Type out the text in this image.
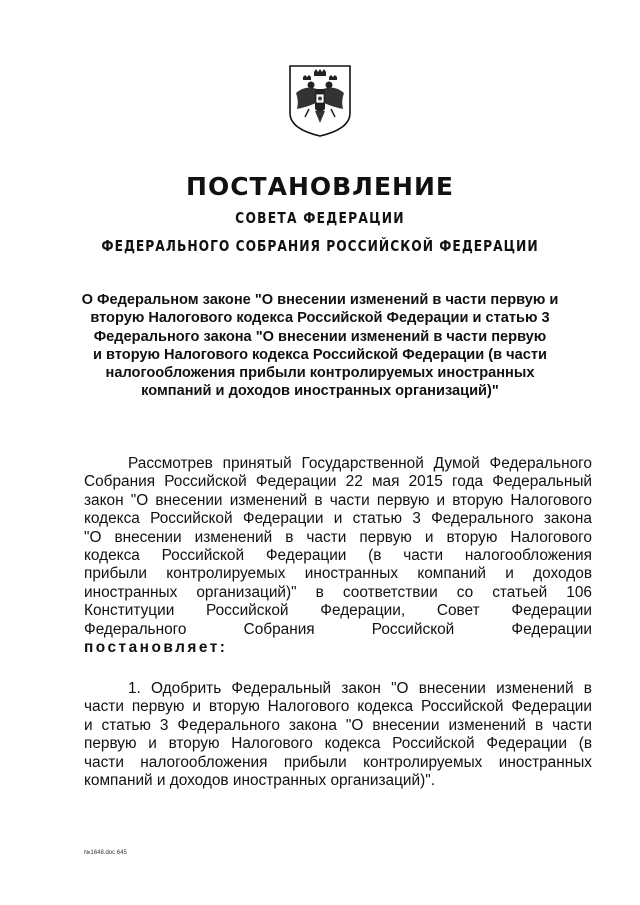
ПОСТАНОВЛЕНИЕ
СОВЕТА ФЕДЕРАЦИИ
ФЕДЕРАЛЬНОГО СОБРАНИЯ РОССИЙСКОЙ ФЕДЕРАЦИИ
О Федеральном законе "О внесении изменений в части первую и
вторую Налогового кодекса Российской Федерации и статью 3
Федерального закона "О внесении изменений в части первую
и вторую Налогового кодекса Российской Федерации (в части
налогообложения прибыли контролируемых иностранных
компаний и доходов иностранных организаций)"
Рассмотрев принятый Государственной Думой Федерального
Собрания Российской Федерации 22 мая 2015 года Федеральный
закон "О внесении изменений в части первую и вторую Налогового
кодекса Российской Федерации и статью 3 Федерального закона
"О внесении изменений в части первую и вторую Налогового
кодекса Российской Федерации (в части налогообложения
прибыли контролируемых иностранных компаний и доходов
иностранных организаций)" в соответствии со статьей 106
Конституции Российской Федерации, Совет Федерации
Федерального Собрания Российской Федерации
постановляет:
1. Одобрить Федеральный закон "О внесении изменений в
части первую и вторую Налогового кодекса Российской Федерации
и статью 3 Федерального закона "О внесении изменений в части
первую и вторую Налогового кодекса Российской Федерации (в
части налогообложения прибыли контролируемых иностранных
компаний и доходов иностранных организаций)".
№1648.doc 645
